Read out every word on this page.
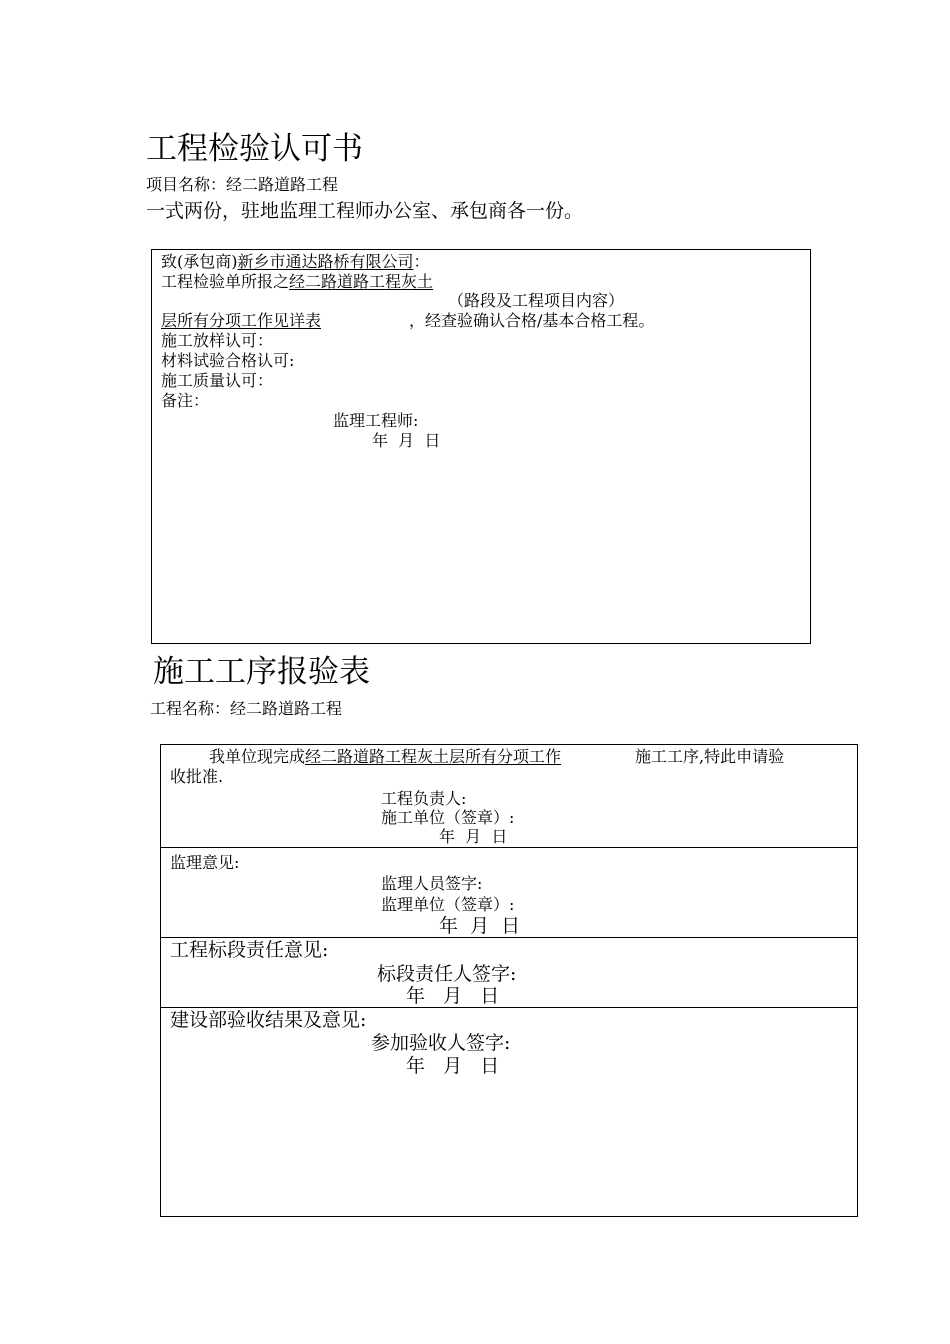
工程检验认可书
项目名称：经二路道路工程
一式两份，驻地监理工程师办公室、承包商各一份。
致(承包商)新乡市通达路桥有限公司：
工程检验单所报之经二路道路工程灰土
（路段及工程项目内容）
层所有分项工作见详表	，经查验确认合格/基本合格工程。
施工放样认可：
材料试验合格认可:
施工质量认可：
备注：
监理工程师:
年  月  日
施工工序报验表
工程名称：经二路道路工程
我单位现完成经二路道路工程灰土层所有分项工作	施工工序,特此申请验
收批准.
工程负责人:
施工单位（签章）:
年  月  日
监理意见:
监理人员签字:
监理单位（签章）:
年  月  日
工程标段责任意见:
标段责任人签字:
年   月   日
建设部验收结果及意见:
参加验收人签字:
年   月   日
